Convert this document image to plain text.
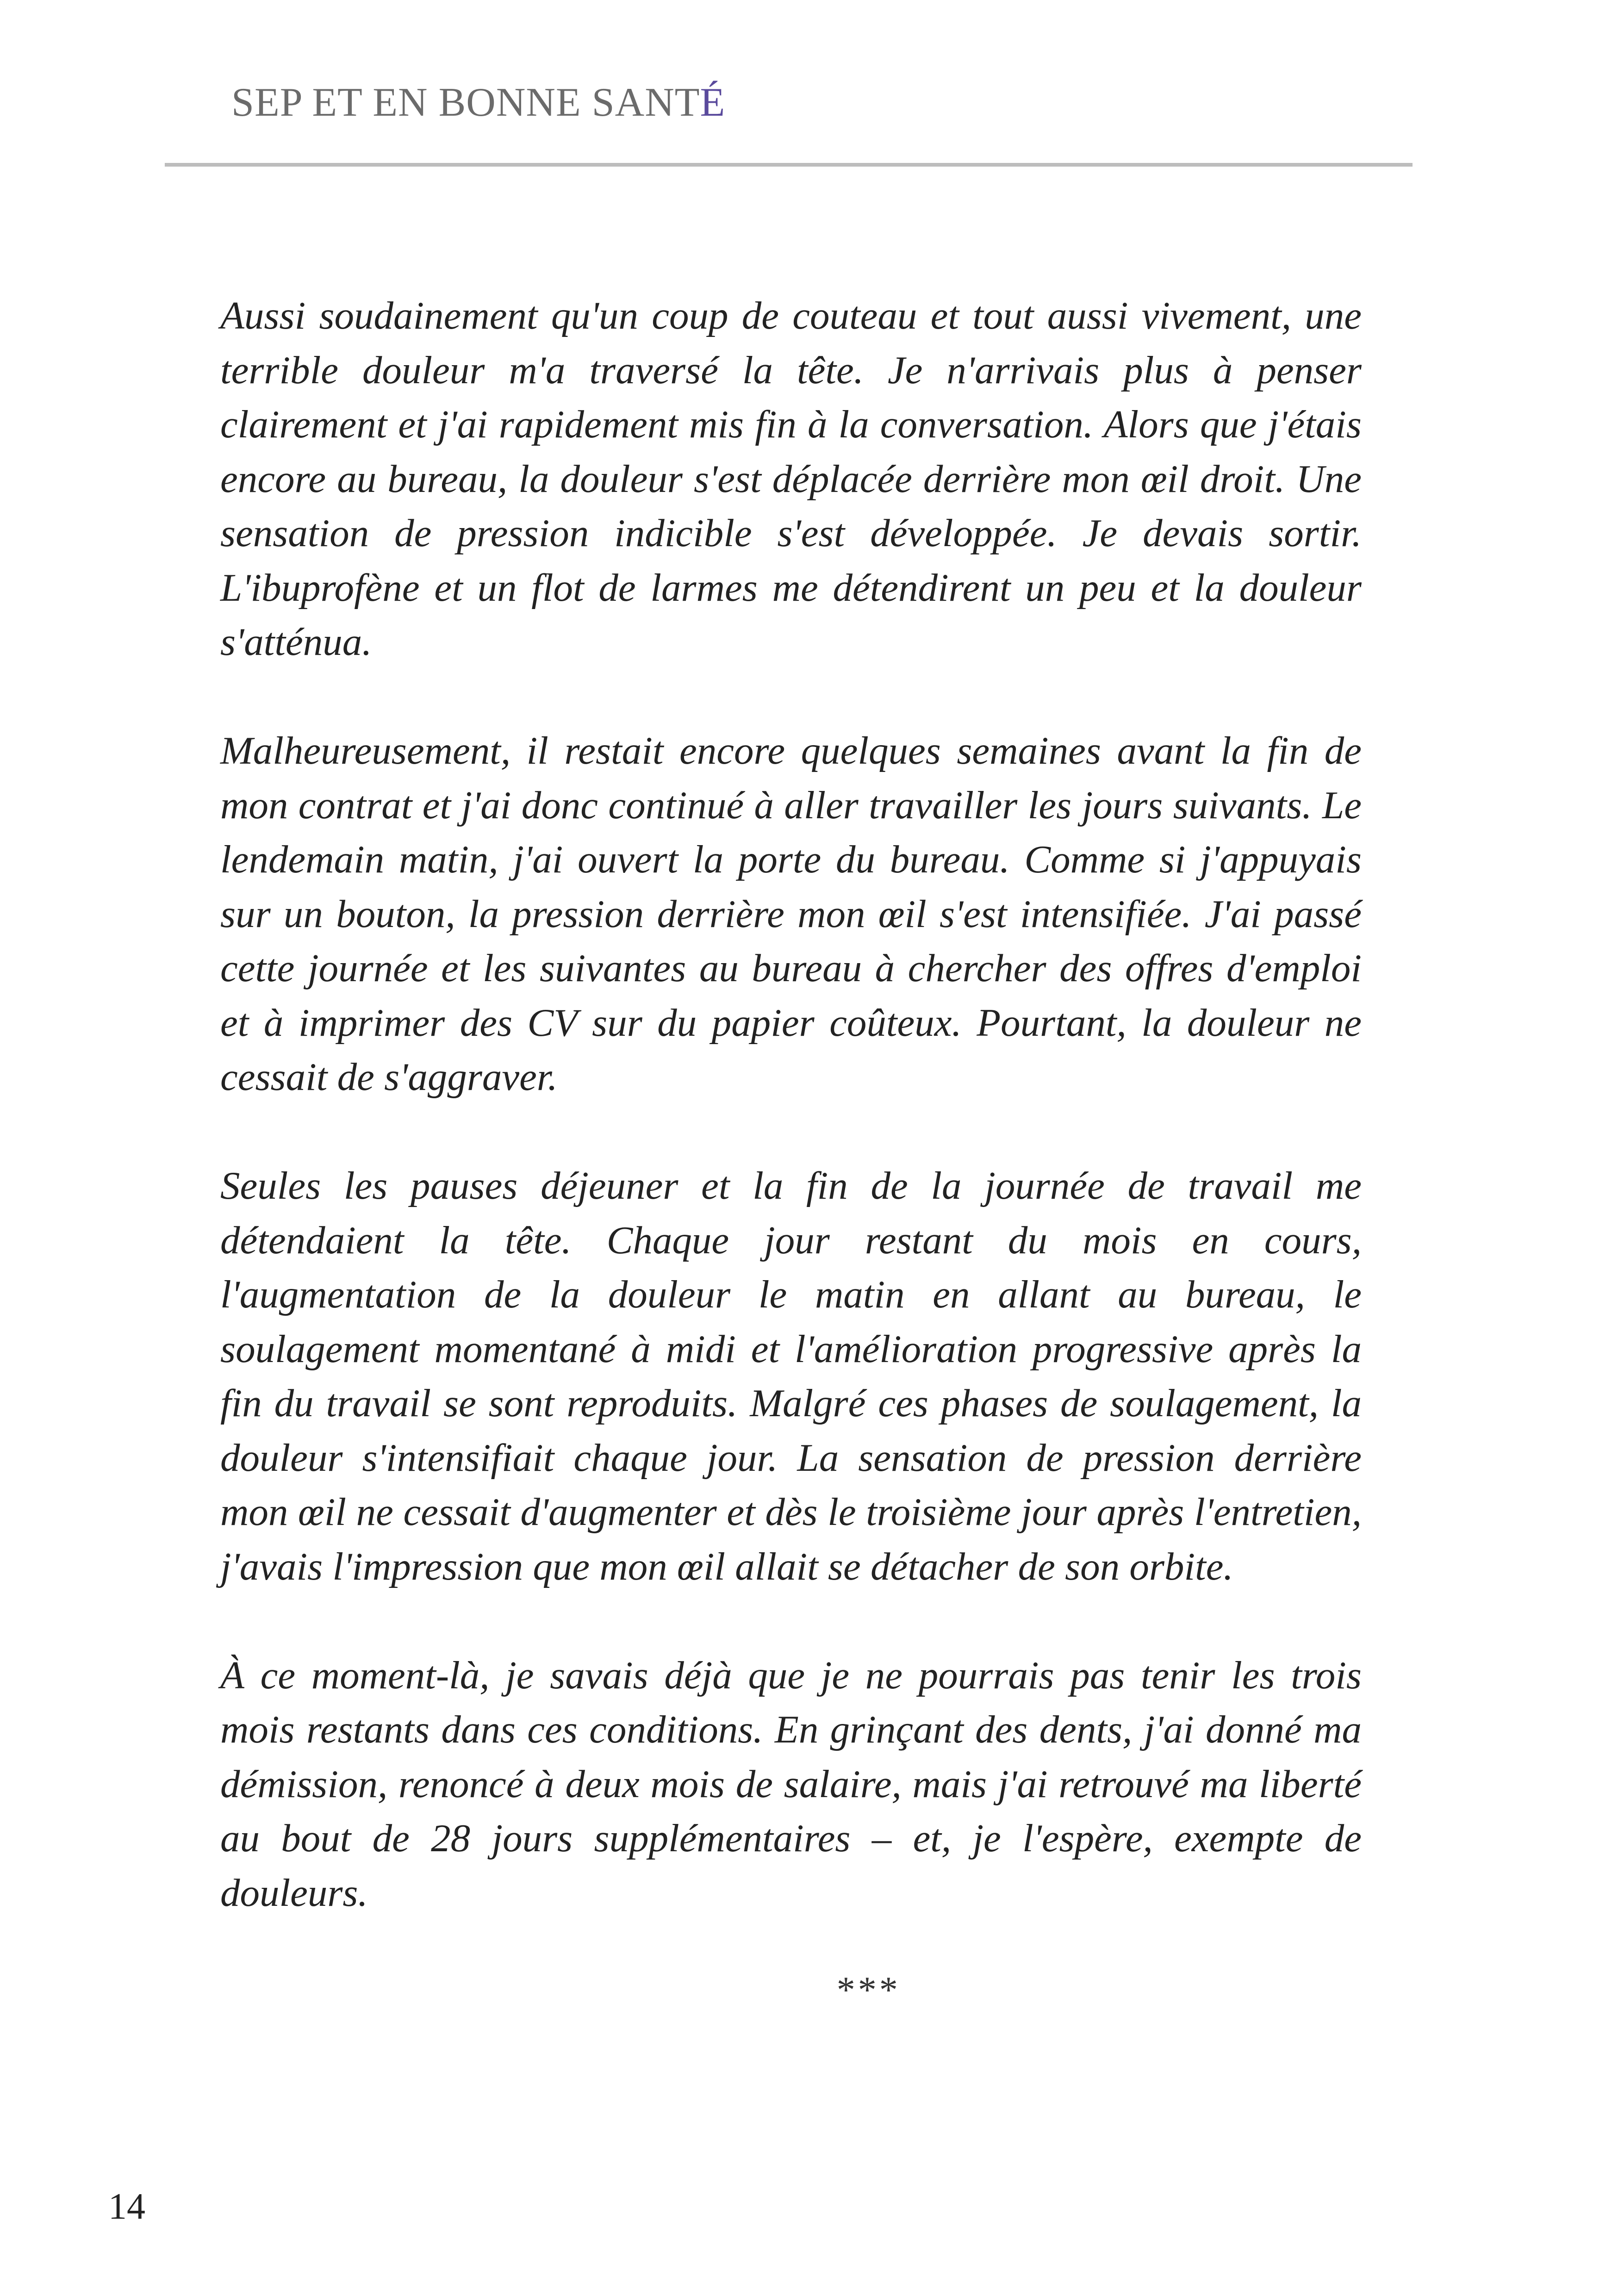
SEP ET EN BONNE SANTÉ

Aussi soudainement qu'un coup de couteau et tout aussi vivement, une terrible douleur m'a traversé la tête. Je n'arrivais plus à penser clairement et j'ai rapidement mis fin à la conversation. Alors que j'étais encore au bureau, la douleur s'est déplacée derrière mon œil droit. Une sensation de pression indicible s'est développée. Je devais sortir. L'ibuprofène et un flot de larmes me détendirent un peu et la douleur s'atténua.

Malheureusement, il restait encore quelques semaines avant la fin de mon contrat et j'ai donc continué à aller travailler les jours suivants. Le lendemain matin, j'ai ouvert la porte du bureau. Comme si j'appuyais sur un bouton, la pression derrière mon œil s'est intensifiée. J'ai passé cette journée et les suivantes au bureau à chercher des offres d'emploi et à imprimer des CV sur du papier coûteux. Pourtant, la douleur ne cessait de s'aggraver.

Seules les pauses déjeuner et la fin de la journée de travail me détendaient la tête. Chaque jour restant du mois en cours, l'augmentation de la douleur le matin en allant au bureau, le soulagement momentané à midi et l'amélioration progressive après la fin du travail se sont reproduits. Malgré ces phases de soulagement, la douleur s'intensifiait chaque jour. La sensation de pression derrière mon œil ne cessait d'augmenter et dès le troisième jour après l'entretien, j'avais l'impression que mon œil allait se détacher de son orbite.

À ce moment-là, je savais déjà que je ne pourrais pas tenir les trois mois restants dans ces conditions. En grinçant des dents, j'ai donné ma démission, renoncé à deux mois de salaire, mais j'ai retrouvé ma liberté au bout de 28 jours supplémentaires – et, je l'espère, exempte de douleurs.

***
14
